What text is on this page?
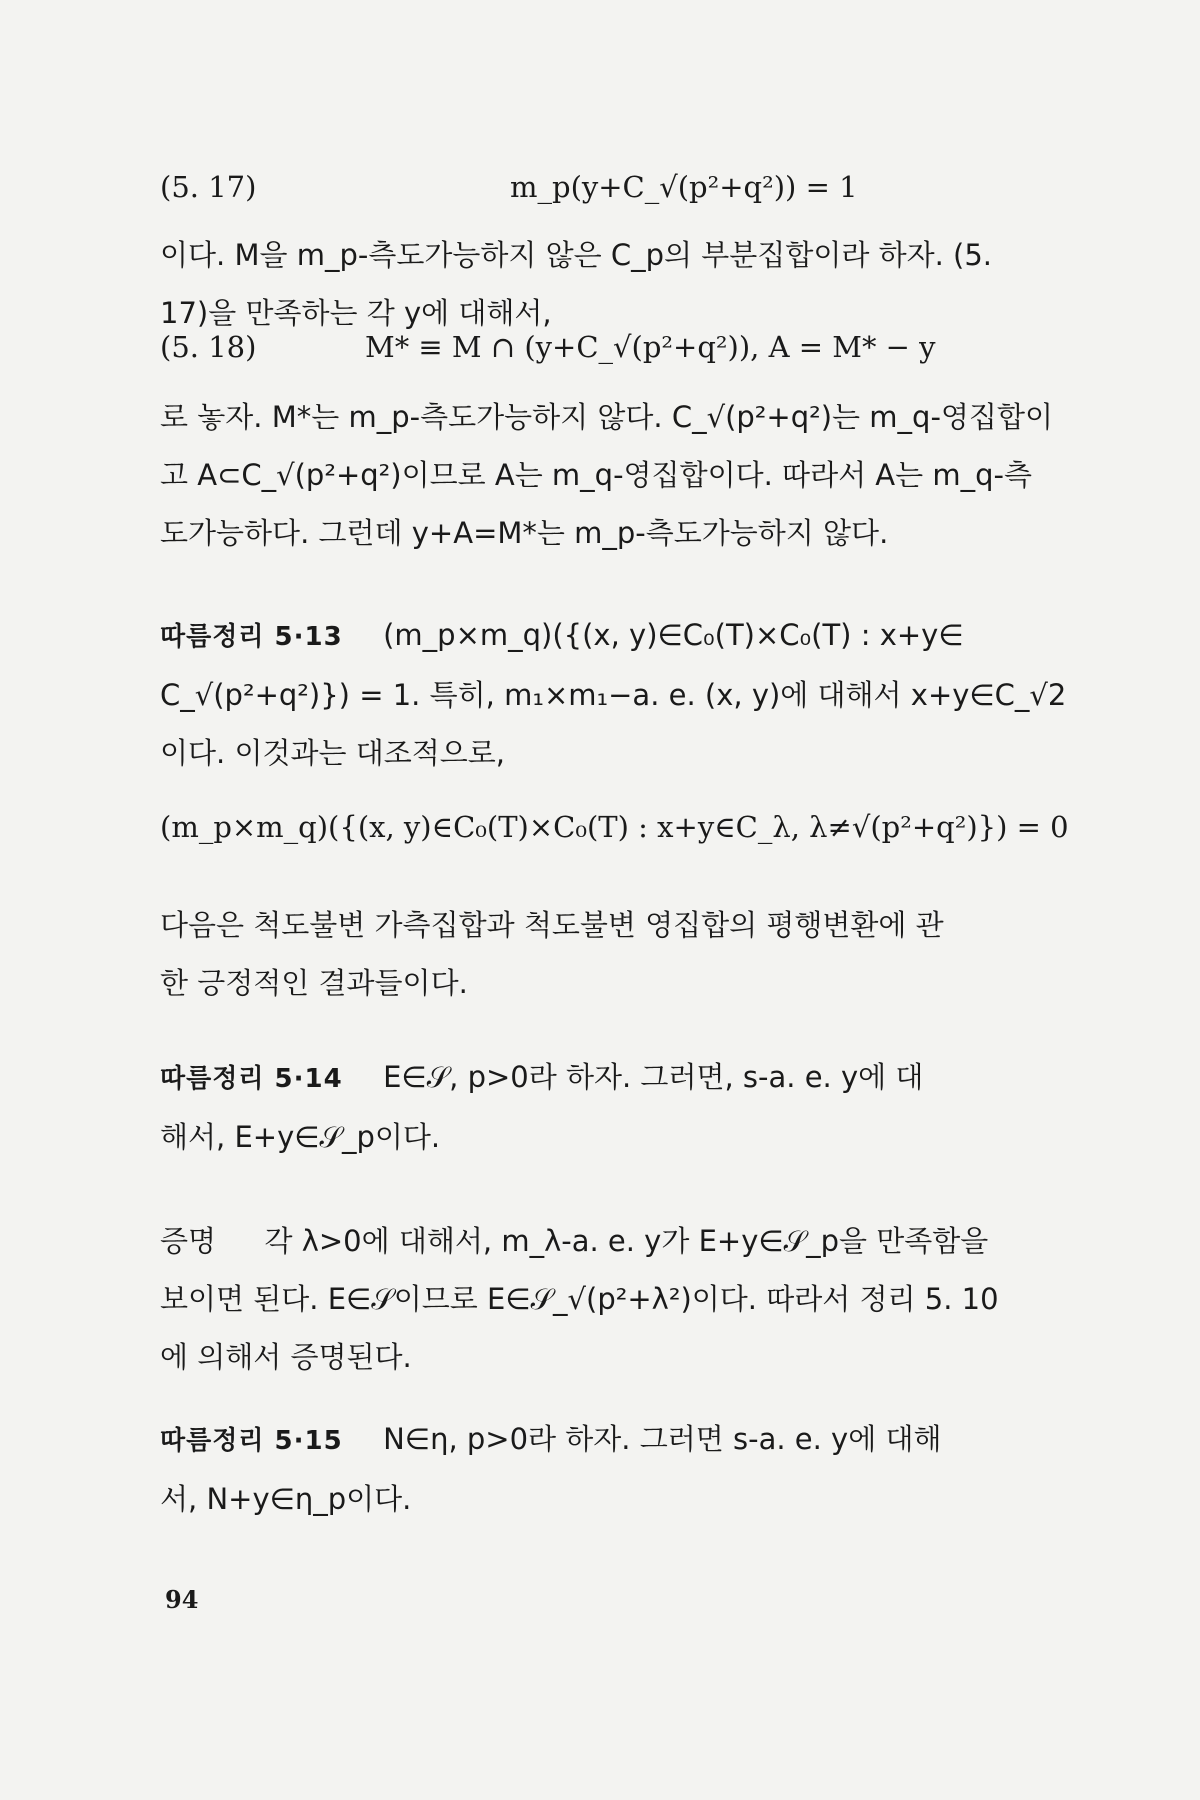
(5. 17)	m_p(y+C_√(p²+q²)) = 1

이다. M을 m_p-측도가능하지 않은 C_p의 부분집합이라 하자. (5.
17)을 만족하는 각 y에 대해서,

(5. 18)	M* ≡ M ∩ (y+C_√(p²+q²)), A = M* − y

로 놓자. M*는 m_p-측도가능하지 않다. C_√(p²+q²)는 m_q-영집합이
고 A⊂C_√(p²+q²)이므로 A는 m_q-영집합이다. 따라서 A는 m_q-측
도가능하다. 그런데 y+A=M*는 m_p-측도가능하지 않다.

따름정리 5·13 (m_p×m_q)({(x, y)∈C₀(T)×C₀(T) : x+y∈
C_√(p²+q²)}) = 1. 특히, m₁×m₁−a. e. (x, y)에 대해서 x+y∈C_√2
이다. 이것과는 대조적으로,

(m_p×m_q)({(x, y)∈C₀(T)×C₀(T) : x+y∈C_λ, λ≠√(p²+q²)}) = 0

다음은 척도불변 가측집합과 척도불변 영집합의 평행변환에 관
한 긍정적인 결과들이다.

따름정리 5·14 E∈𝒮, p>0라 하자. 그러면, s-a. e. y에 대
해서, E+y∈𝒮_p이다.

증명 각 λ>0에 대해서, m_λ-a. e. y가 E+y∈𝒮_p을 만족함을
보이면 된다. E∈𝒮이므로 E∈𝒮_√(p²+λ²)이다. 따라서 정리 5. 10
에 의해서 증명된다.

따름정리 5·15 N∈η, p>0라 하자. 그러면 s-a. e. y에 대해
서, N+y∈η_p이다.

94
